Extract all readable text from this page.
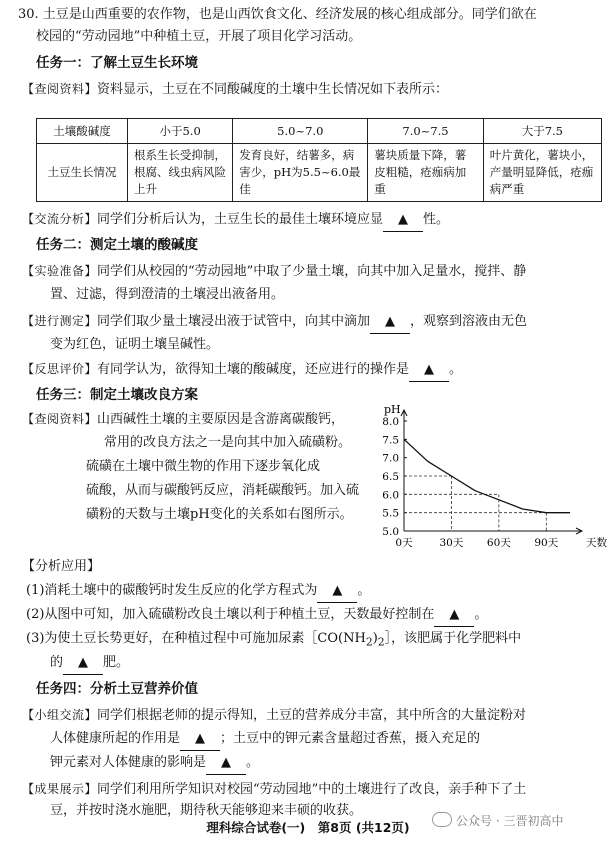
30. 土豆是山西重要的农作物，也是山西饮食文化、经济发展的核心组成部分。同学们欲在
校园的“劳动园地”中种植土豆，开展了项目化学习活动。
任务一：了解土豆生长环境
【查阅资料】资料显示，土豆在不同酸碱度的土壤中生长情况如下表所示：
土壤酸碱度	小于5.0	5.0~7.0	7.0~7.5	大于7.5
土豆生长情况	根系生长受抑制，根腐、线虫病风险上升	发育良好，结薯多，病害少，pH为5.5~6.0最佳	薯块质量下降，薯皮粗糙，疮痂病加重	叶片黄化，薯块小，产量明显降低，疮痂病严重
【交流分析】同学们分析后认为，土豆生长的最佳土壤环境应显 ▲ 性。
任务二：测定土壤的酸碱度
【实验准备】同学们从校园的“劳动园地”中取了少量土壤，向其中加入足量水，搅拌、静
置、过滤，得到澄清的土壤浸出液备用。
【进行测定】同学们取少量土壤浸出液于试管中，向其中滴加 ▲ ，观察到溶液由无色
变为红色，证明土壤呈碱性。
【反思评价】有同学认为，欲得知土壤的酸碱度，还应进行的操作是 ▲ 。
任务三：制定土壤改良方案
【查阅资料】山西碱性土壤的主要原因是含游离碳酸钙，
常用的改良方法之一是向其中加入硫磺粉。
硫磺在土壤中微生物的作用下逐步氧化成
硫酸，从而与碳酸钙反应，消耗碳酸钙。加入硫
磺粉的天数与土壤pH变化的关系如右图所示。
pH
8.0
7.5
7.0
6.5
6.0
5.5
5.0
0天	30天 60天 90天	天数
【分析应用】
(1)消耗土壤中的碳酸钙时发生反应的化学方程式为 ▲ 。
(2)从图中可知，加入硫磺粉改良土壤以利于种植土豆，天数最好控制在 ▲ 。
(3)为使土豆长势更好，在种植过程中可施加尿素$[CO(NH_2)_2]$，该肥属于化学肥料中
的 ▲ 肥。
任务四：分析土豆营养价值
【小组交流】同学们根据老师的提示得知，土豆的营养成分丰富，其中所含的大量淀粉对
人体健康所起的作用是 ▲ ；土豆中的钾元素含量超过香蕉，摄入充足的
钾元素对人体健康的影响是 ▲ 。
【成果展示】同学们利用所学知识对校园“劳动园地”中的土壤进行了改良，亲手种下了土
豆，并按时浇水施肥，期待秋天能够迎来丰硕的收获。
理科综合试卷(一)　第8页 (共12页)	公众号 · 三晋初高中
